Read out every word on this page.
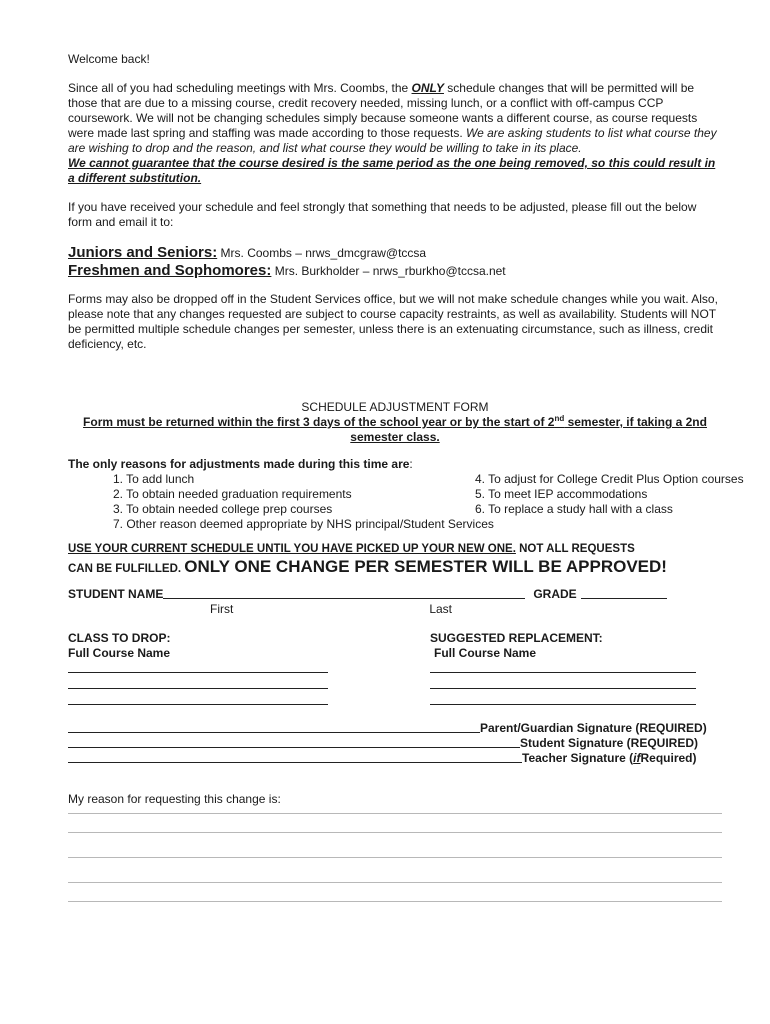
Welcome back!

Since all of you had scheduling meetings with Mrs. Coombs, the ONLY schedule changes that will be permitted will be those that are due to a missing course, credit recovery needed, missing lunch, or a conflict with off-campus CCP coursework. We will not be changing schedules simply because someone wants a different course, as course requests were made last spring and staffing was made according to those requests. We are asking students to list what course they are wishing to drop and the reason, and list what course they would be willing to take in its place.
We cannot guarantee that the course desired is the same period as the one being removed, so this could result in a different substitution.

If you have received your schedule and feel strongly that something that needs to be adjusted, please fill out the below form and email it to:

Juniors and Seniors: Mrs. Coombs – nrws_dmcgraw@tccsa
Freshmen and Sophomores: Mrs. Burkholder – nrws_rburkho@tccsa.net

Forms may also be dropped off in the Student Services office, but we will not make schedule changes while you wait. Also, please note that any changes requested are subject to course capacity restraints, as well as availability. Students will NOT be permitted multiple schedule changes per semester, unless there is an extenuating circumstance, such as illness, credit deficiency, etc.

SCHEDULE ADJUSTMENT FORM
Form must be returned within the first 3 days of the school year or by the start of 2nd semester, if taking a 2nd semester class.
The only reasons for adjustments made during this time are:
1. To add lunch	4. To adjust for College Credit Plus Option courses
2. To obtain needed graduation requirements	5. To meet IEP accommodations
3. To obtain needed college prep courses	6. To replace a study hall with a class
7. Other reason deemed appropriate by NHS principal/Student Services
USE YOUR CURRENT SCHEDULE UNTIL YOU HAVE PICKED UP YOUR NEW ONE. NOT ALL REQUESTS
CAN BE FULFILLED. ONLY ONE CHANGE PER SEMESTER WILL BE APPROVED!
STUDENT NAME	GRADE
First	Last
CLASS TO DROP:
Full Course Name
SUGGESTED REPLACEMENT:
Full Course Name
Parent/Guardian Signature (REQUIRED)
Student Signature (REQUIRED)
Teacher Signature ( if Required)
My reason for requesting this change is:
